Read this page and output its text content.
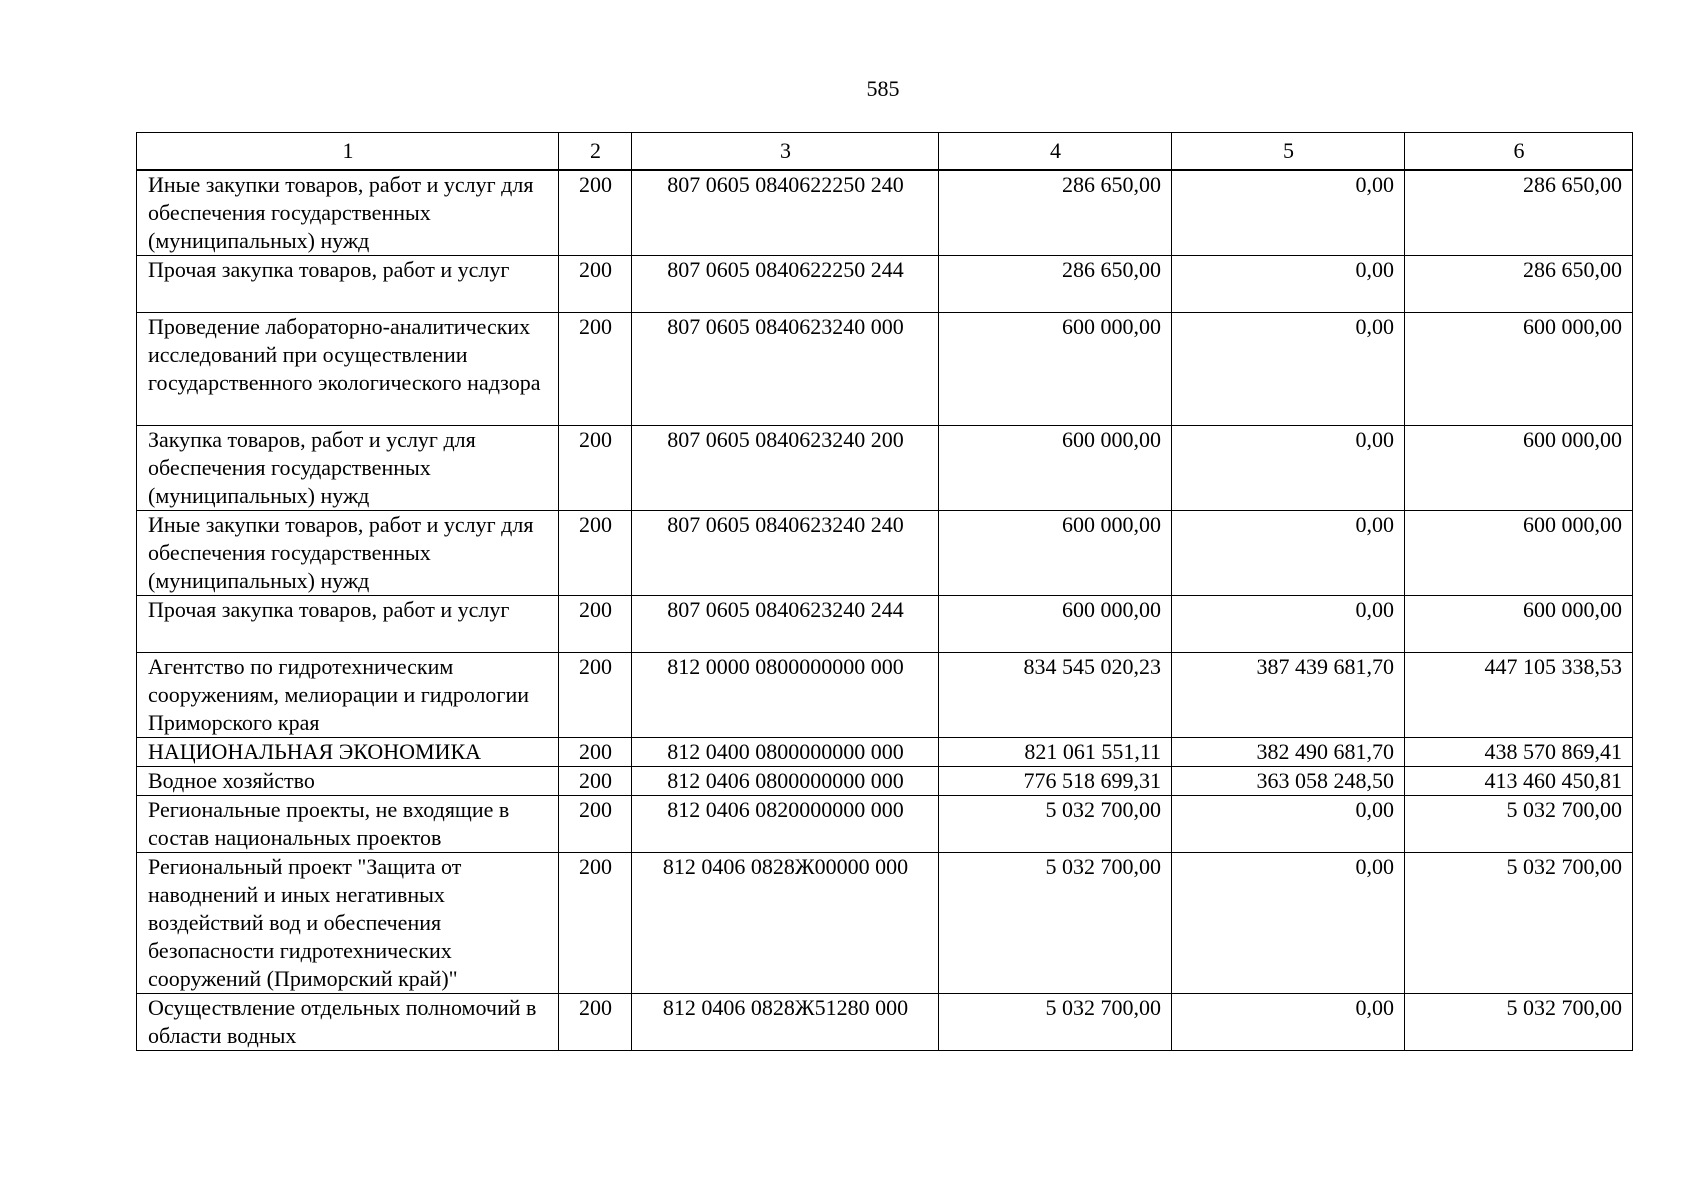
585
1	2	3	4	5	6
Иные закупки товаров, работ и услуг для обеспечения государственных (муниципальных) нужд	200	807 0605 0840622250 240	286 650,00	0,00	286 650,00
Прочая закупка товаров, работ и услуг	200	807 0605 0840622250 244	286 650,00	0,00	286 650,00
Проведение лабораторно-аналитических исследований при осуществлении государственного экологического надзора	200	807 0605 0840623240 000	600 000,00	0,00	600 000,00
Закупка товаров, работ и услуг для обеспечения государственных (муниципальных) нужд	200	807 0605 0840623240 200	600 000,00	0,00	600 000,00
Иные закупки товаров, работ и услуг для обеспечения государственных (муниципальных) нужд	200	807 0605 0840623240 240	600 000,00	0,00	600 000,00
Прочая закупка товаров, работ и услуг	200	807 0605 0840623240 244	600 000,00	0,00	600 000,00
Агентство по гидротехническим сооружениям, мелиорации и гидрологии Приморского края	200	812 0000 0800000000 000	834 545 020,23	387 439 681,70	447 105 338,53
НАЦИОНАЛЬНАЯ ЭКОНОМИКА	200	812 0400 0800000000 000	821 061 551,11	382 490 681,70	438 570 869,41
Водное хозяйство	200	812 0406 0800000000 000	776 518 699,31	363 058 248,50	413 460 450,81
Региональные проекты, не входящие в состав национальных проектов	200	812 0406 0820000000 000	5 032 700,00	0,00	5 032 700,00
Региональный проект "Защита от наводнений и иных негативных воздействий вод и обеспечения безопасности гидротехнических сооружений (Приморский край)"	200	812 0406 0828Ж00000 000	5 032 700,00	0,00	5 032 700,00
Осуществление отдельных полномочий в области водных	200	812 0406 0828Ж51280 000	5 032 700,00	0,00	5 032 700,00
